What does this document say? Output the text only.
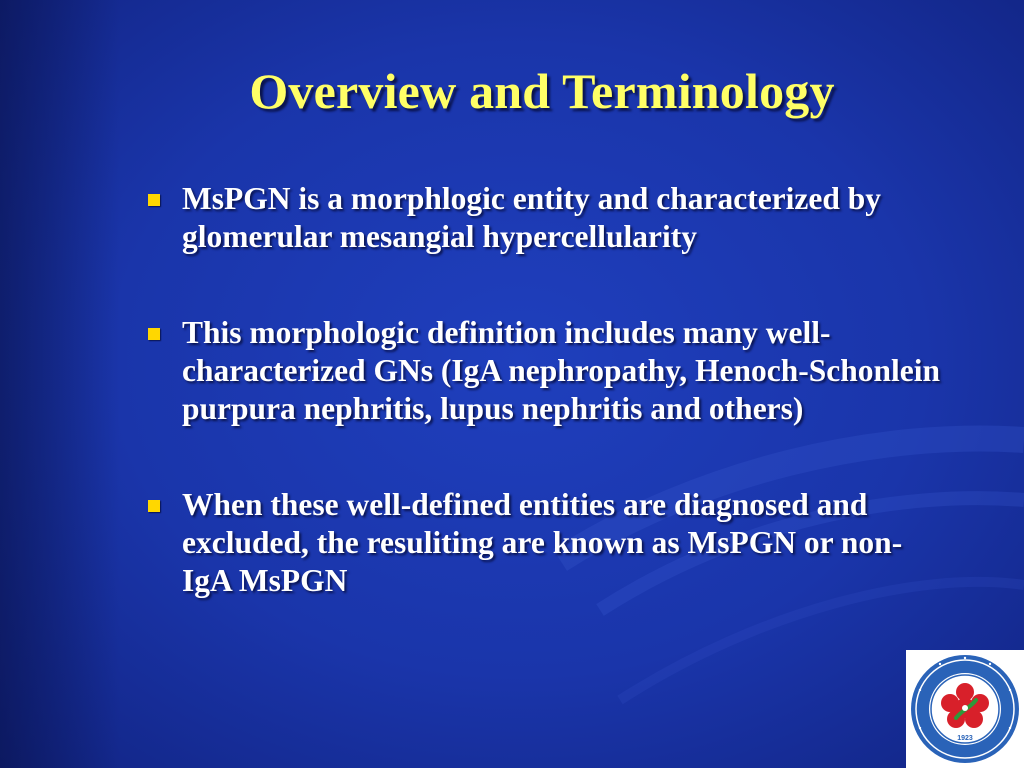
Overview and Terminology
MsPGN is a morphlogic entity and characterized by glomerular mesangial hypercellularity
This morphologic definition includes many well-characterized GNs (IgA nephropathy, Henoch-Schonlein purpura nephritis, lupus nephritis and others)
When these well-defined entities are diagnosed and excluded, the resuliting are known as MsPGN or non-IgA MsPGN
1923
